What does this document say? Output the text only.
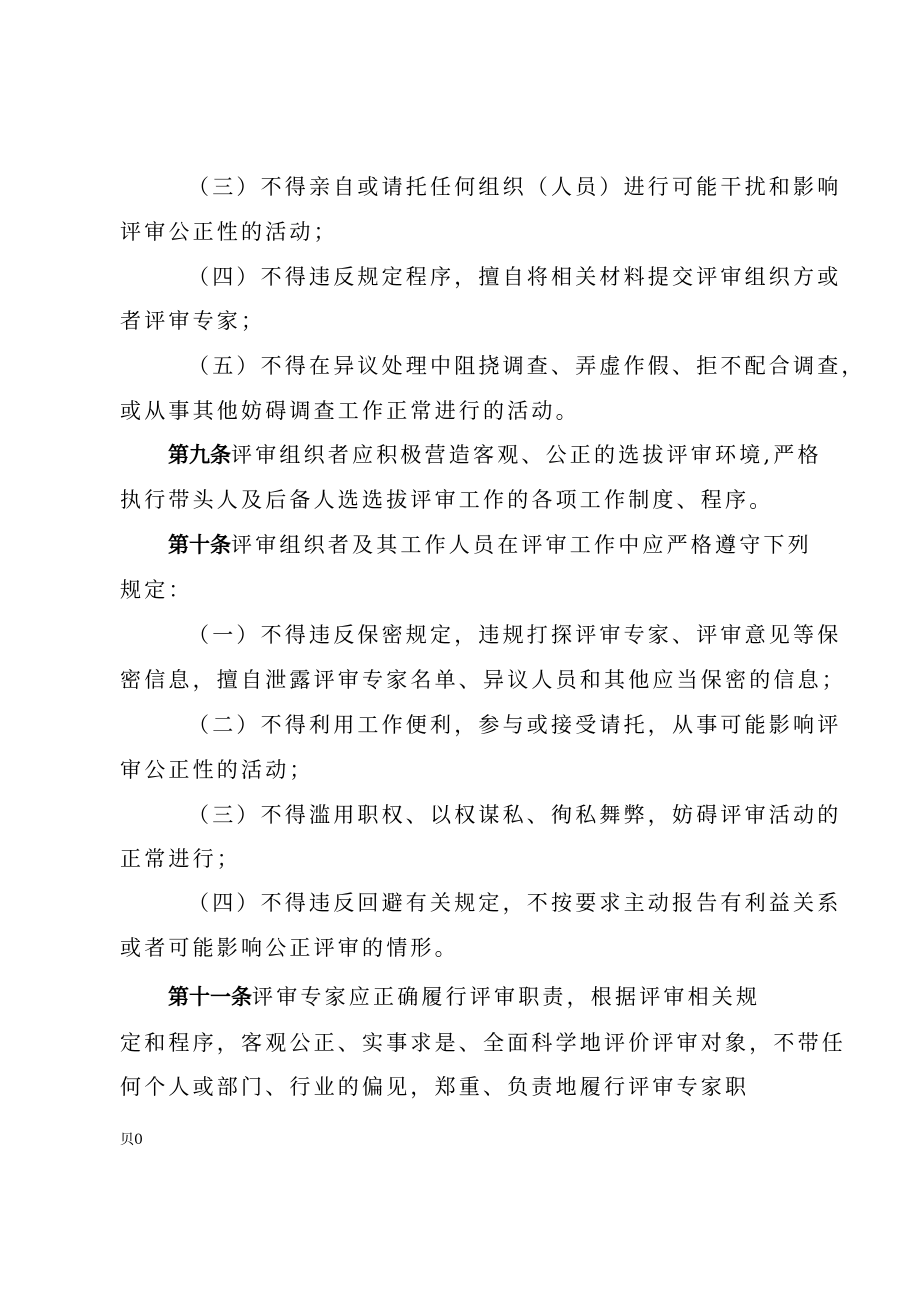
（三）不得亲自或请托任何组织（人员）进行可能干扰和影响
评审公正性的活动；
（四）不得违反规定程序，擅自将相关材料提交评审组织方或
者评审专家；
（五）不得在异议处理中阻挠调查、弄虚作假、拒不配合调查，
或从事其他妨碍调查工作正常进行的活动。
第九条评审组织者应积极营造客观、公正的选拔评审环境,严格
执行带头人及后备人选选拔评审工作的各项工作制度、程序。
第十条评审组织者及其工作人员在评审工作中应严格遵守下列
规定：
（一）不得违反保密规定，违规打探评审专家、评审意见等保
密信息，擅自泄露评审专家名单、异议人员和其他应当保密的信息；
（二）不得利用工作便利，参与或接受请托，从事可能影响评
审公正性的活动；
（三）不得滥用职权、以权谋私、徇私舞弊，妨碍评审活动的
正常进行；
（四）不得违反回避有关规定，不按要求主动报告有利益关系
或者可能影响公正评审的情形。
第十一条评审专家应正确履行评审职责，根据评审相关规
定和程序，客观公正、实事求是、全面科学地评价评审对象，不带任
何个人或部门、行业的偏见，郑重、负责地履行评审专家职
贝0
